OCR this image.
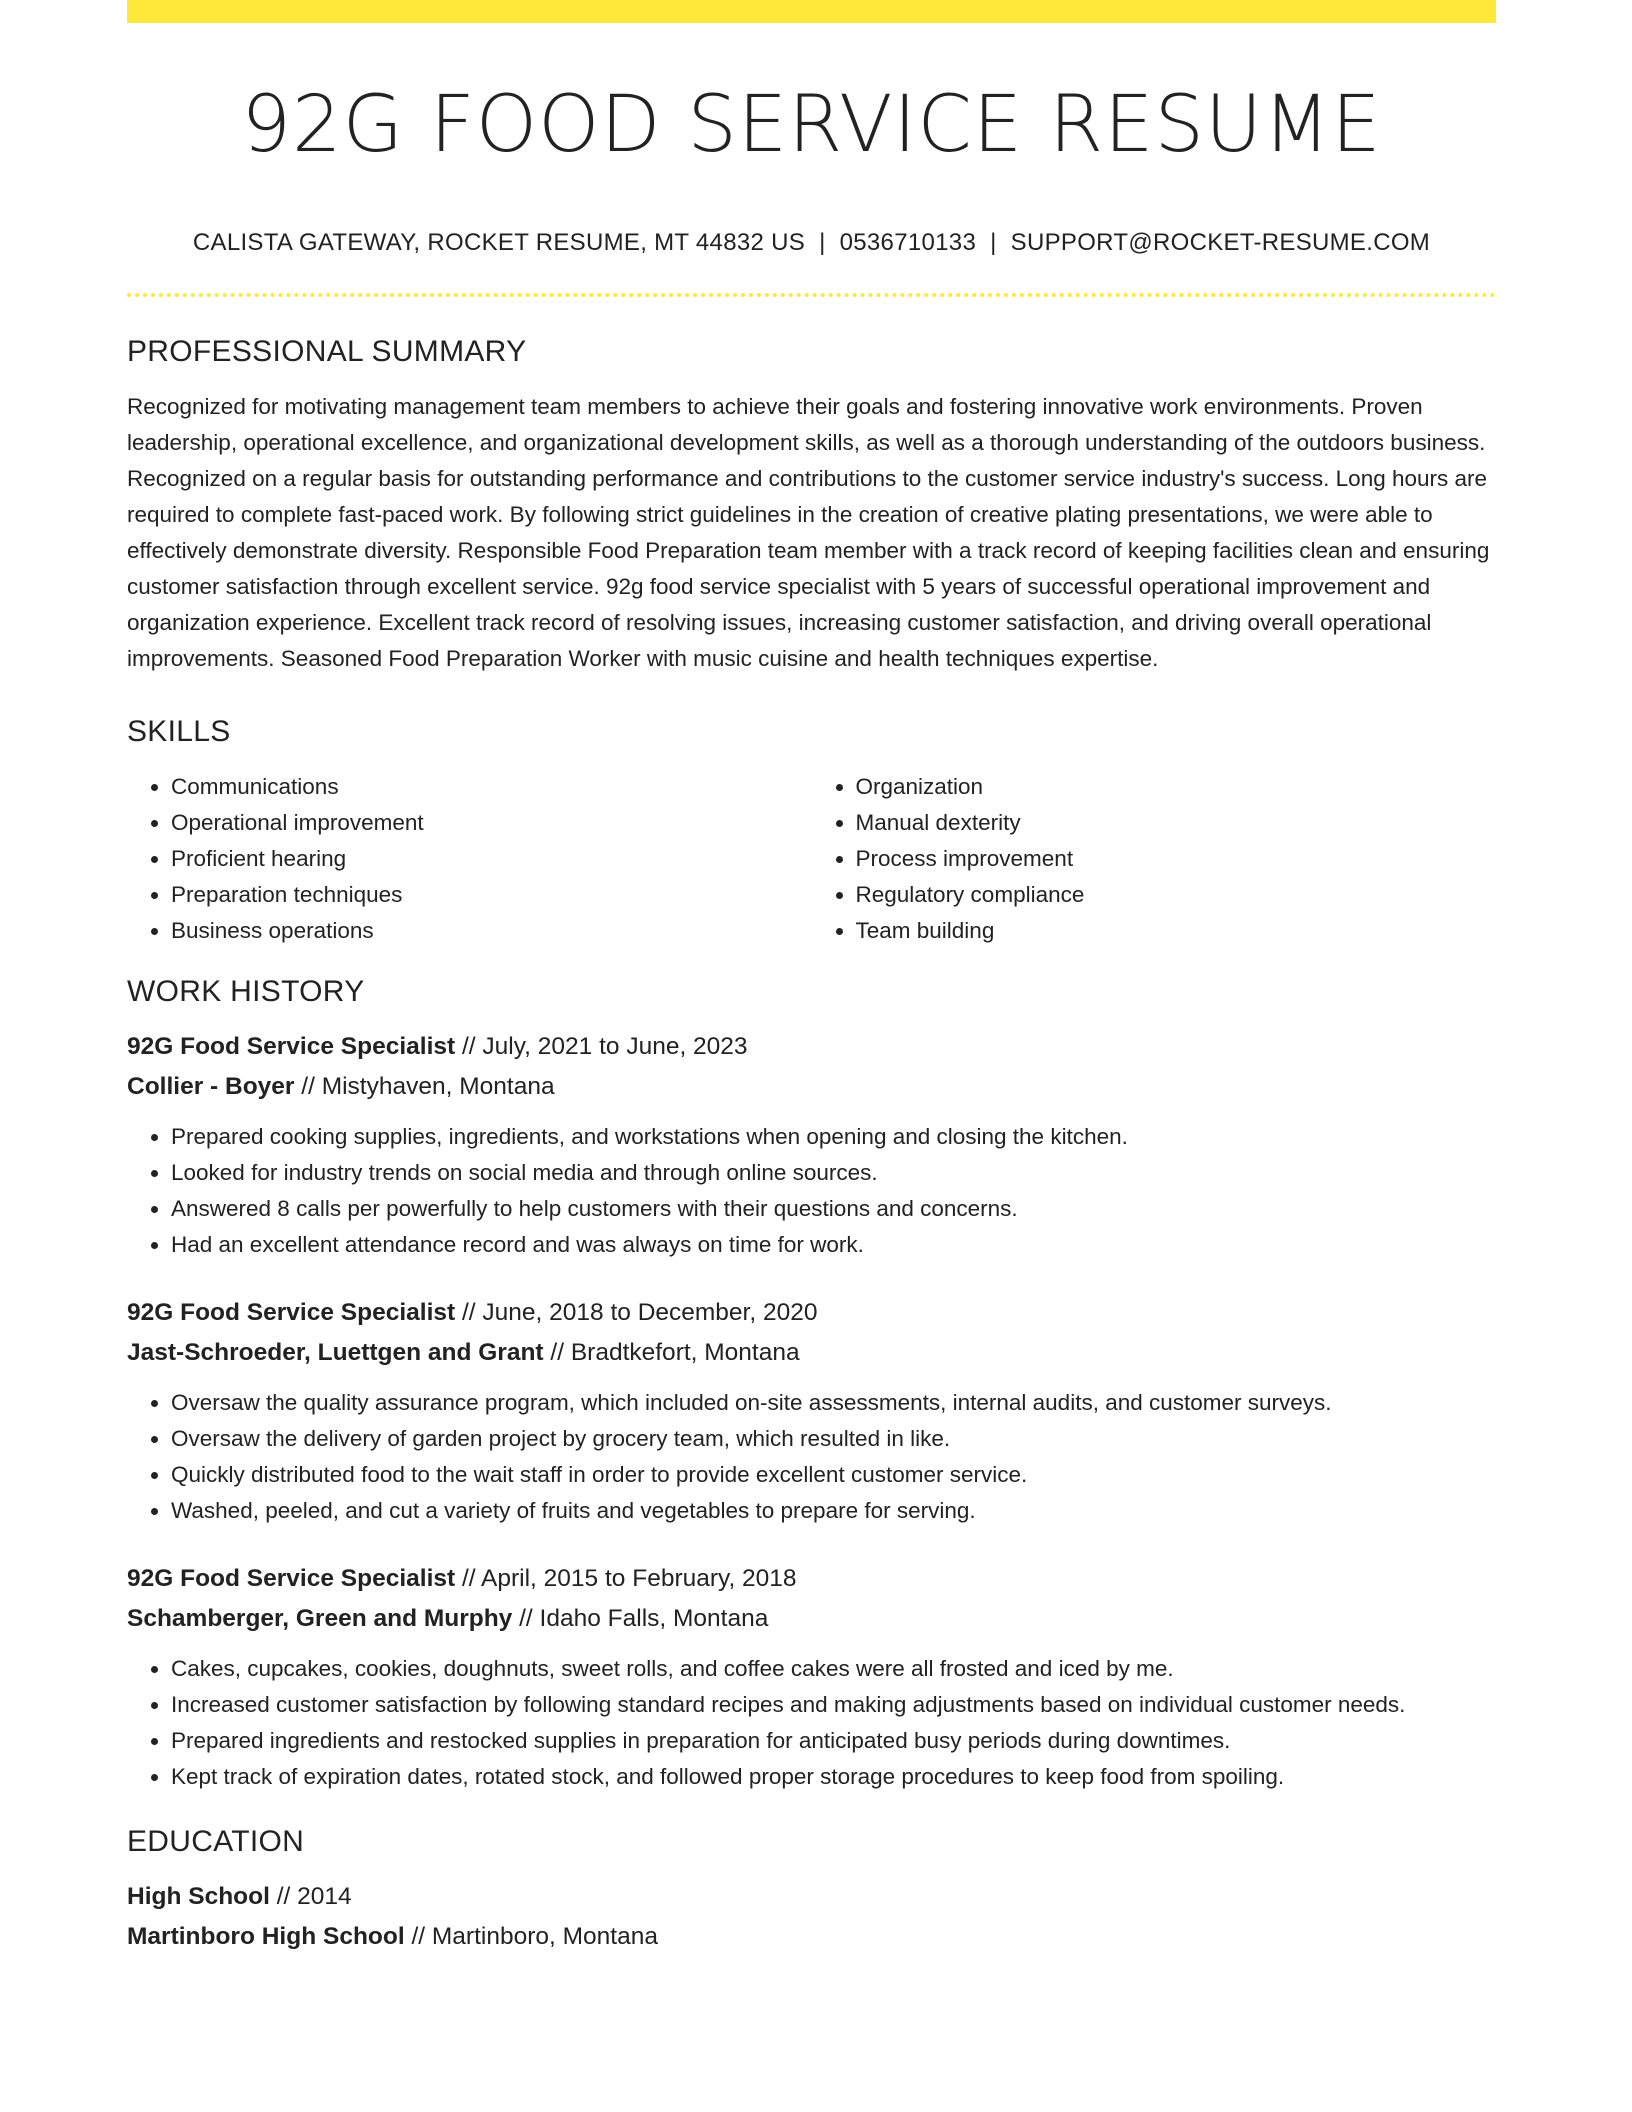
92G FOOD SERVICE RESUME
CALISTA GATEWAY, ROCKET RESUME, MT 44832 US | 0536710133 | SUPPORT@ROCKET-RESUME.COM
PROFESSIONAL SUMMARY

Recognized for motivating management team members to achieve their goals and fostering innovative work environments. Proven leadership, operational excellence, and organizational development skills, as well as a thorough understanding of the outdoors business. Recognized on a regular basis for outstanding performance and contributions to the customer service industry's success. Long hours are required to complete fast-paced work. By following strict guidelines in the creation of creative plating presentations, we were able to effectively demonstrate diversity. Responsible Food Preparation team member with a track record of keeping facilities clean and ensuring customer satisfaction through excellent service. 92g food service specialist with 5 years of successful operational improvement and organization experience. Excellent track record of resolving issues, increasing customer satisfaction, and driving overall operational improvements. Seasoned Food Preparation Worker with music cuisine and health techniques expertise.

SKILLS
• Communications
• Operational improvement
• Proficient hearing
• Preparation techniques
• Business operations
• Organization
• Manual dexterity
• Process improvement
• Regulatory compliance
• Team building
WORK HISTORY
92G Food Service Specialist // July, 2021 to June, 2023
Collier - Boyer // Mistyhaven, Montana
• Prepared cooking supplies, ingredients, and workstations when opening and closing the kitchen.
• Looked for industry trends on social media and through online sources.
• Answered 8 calls per powerfully to help customers with their questions and concerns.
• Had an excellent attendance record and was always on time for work.
92G Food Service Specialist // June, 2018 to December, 2020
Jast-Schroeder, Luettgen and Grant // Bradtkefort, Montana
• Oversaw the quality assurance program, which included on-site assessments, internal audits, and customer surveys.
• Oversaw the delivery of garden project by grocery team, which resulted in like.
• Quickly distributed food to the wait staff in order to provide excellent customer service.
• Washed, peeled, and cut a variety of fruits and vegetables to prepare for serving.
92G Food Service Specialist // April, 2015 to February, 2018
Schamberger, Green and Murphy // Idaho Falls, Montana
• Cakes, cupcakes, cookies, doughnuts, sweet rolls, and coffee cakes were all frosted and iced by me.
• Increased customer satisfaction by following standard recipes and making adjustments based on individual customer needs.
• Prepared ingredients and restocked supplies in preparation for anticipated busy periods during downtimes.
• Kept track of expiration dates, rotated stock, and followed proper storage procedures to keep food from spoiling.
EDUCATION
High School // 2014
Martinboro High School // Martinboro, Montana
